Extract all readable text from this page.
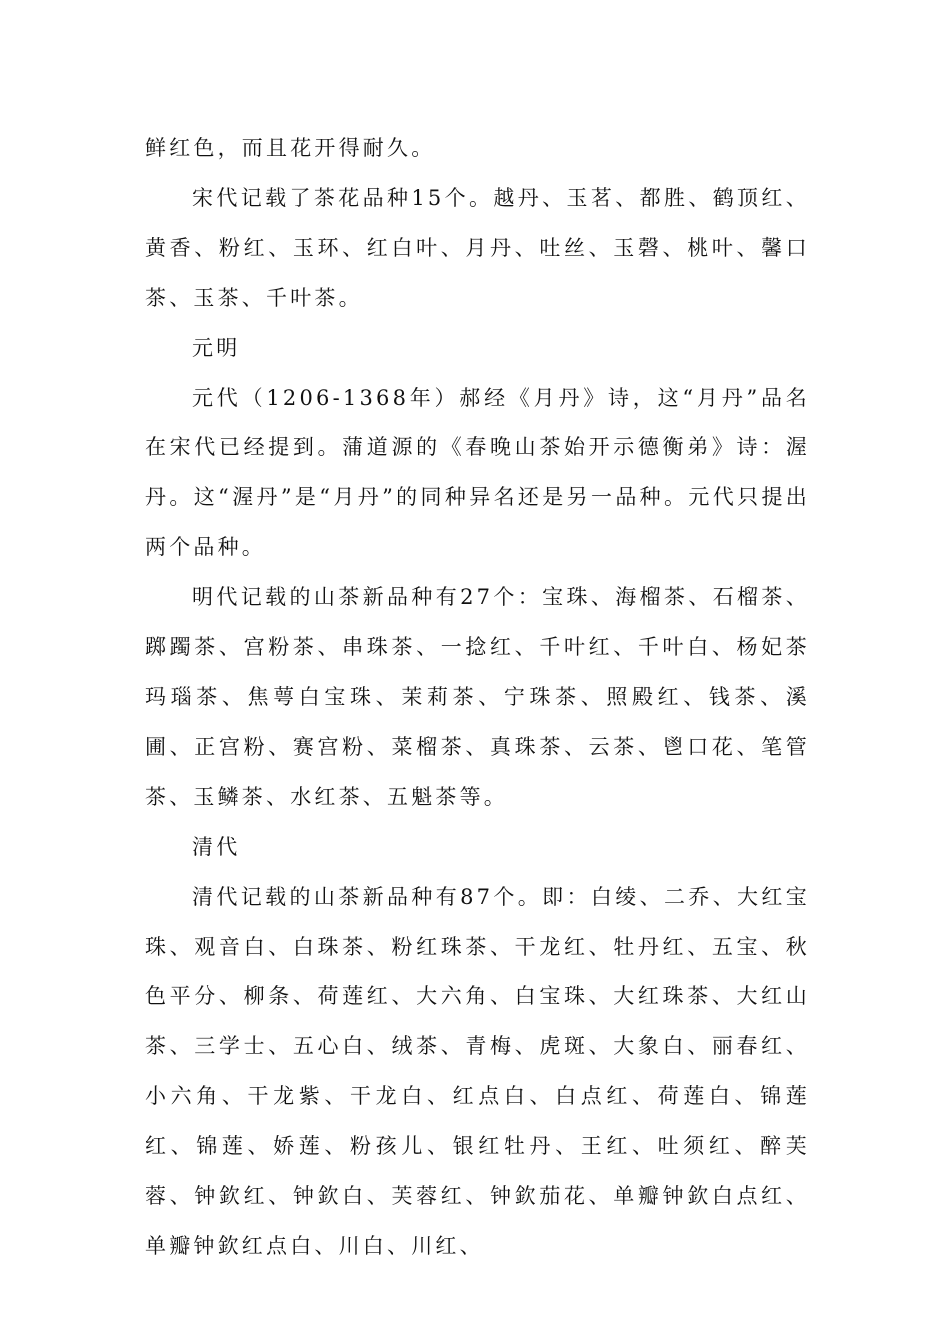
鲜红色，而且花开得耐久。

宋代记载了茶花品种15个。越丹、玉茗、都胜、鹤顶红、黄香、粉红、玉环、红白叶、月丹、吐丝、玉磬、桃叶、馨口茶、玉茶、千叶茶。

元明

元代（1206-1368年）郝经《月丹》诗，这“月丹”品名在宋代已经提到。蒲道源的《春晚山茶始开示德衡弟》诗：渥丹。这“渥丹”是“月丹”的同种异名还是另一品种。元代只提出两个品种。

明代记载的山茶新品种有27个：宝珠、海榴茶、石榴茶、踯躅茶、宫粉茶、串珠茶、一捻红、千叶红、千叶白、杨妃茶玛瑙茶、焦萼白宝珠、茉莉茶、宁珠茶、照殿红、钱茶、溪圃、正宫粉、赛宫粉、菜榴茶、真珠茶、云茶、鬯口花、笔管茶、玉鳞茶、水红茶、五魁茶等。

清代

清代记载的山茶新品种有87个。即：白绫、二乔、大红宝珠、观音白、白珠茶、粉红珠茶、干龙红、牡丹红、五宝、秋色平分、柳条、荷莲红、大六角、白宝珠、大红珠茶、大红山茶、三学士、五心白、绒茶、青梅、虎斑、大象白、丽春红、小六角、干龙紫、干龙白、红点白、白点红、荷莲白、锦莲红、锦莲、娇莲、粉孩儿、银红牡丹、王红、吐须红、醉芙蓉、钟欽红、钟欽白、芙蓉红、钟欽茄花、单瓣钟欽白点红、单瓣钟欽红点白、川白、川红、
